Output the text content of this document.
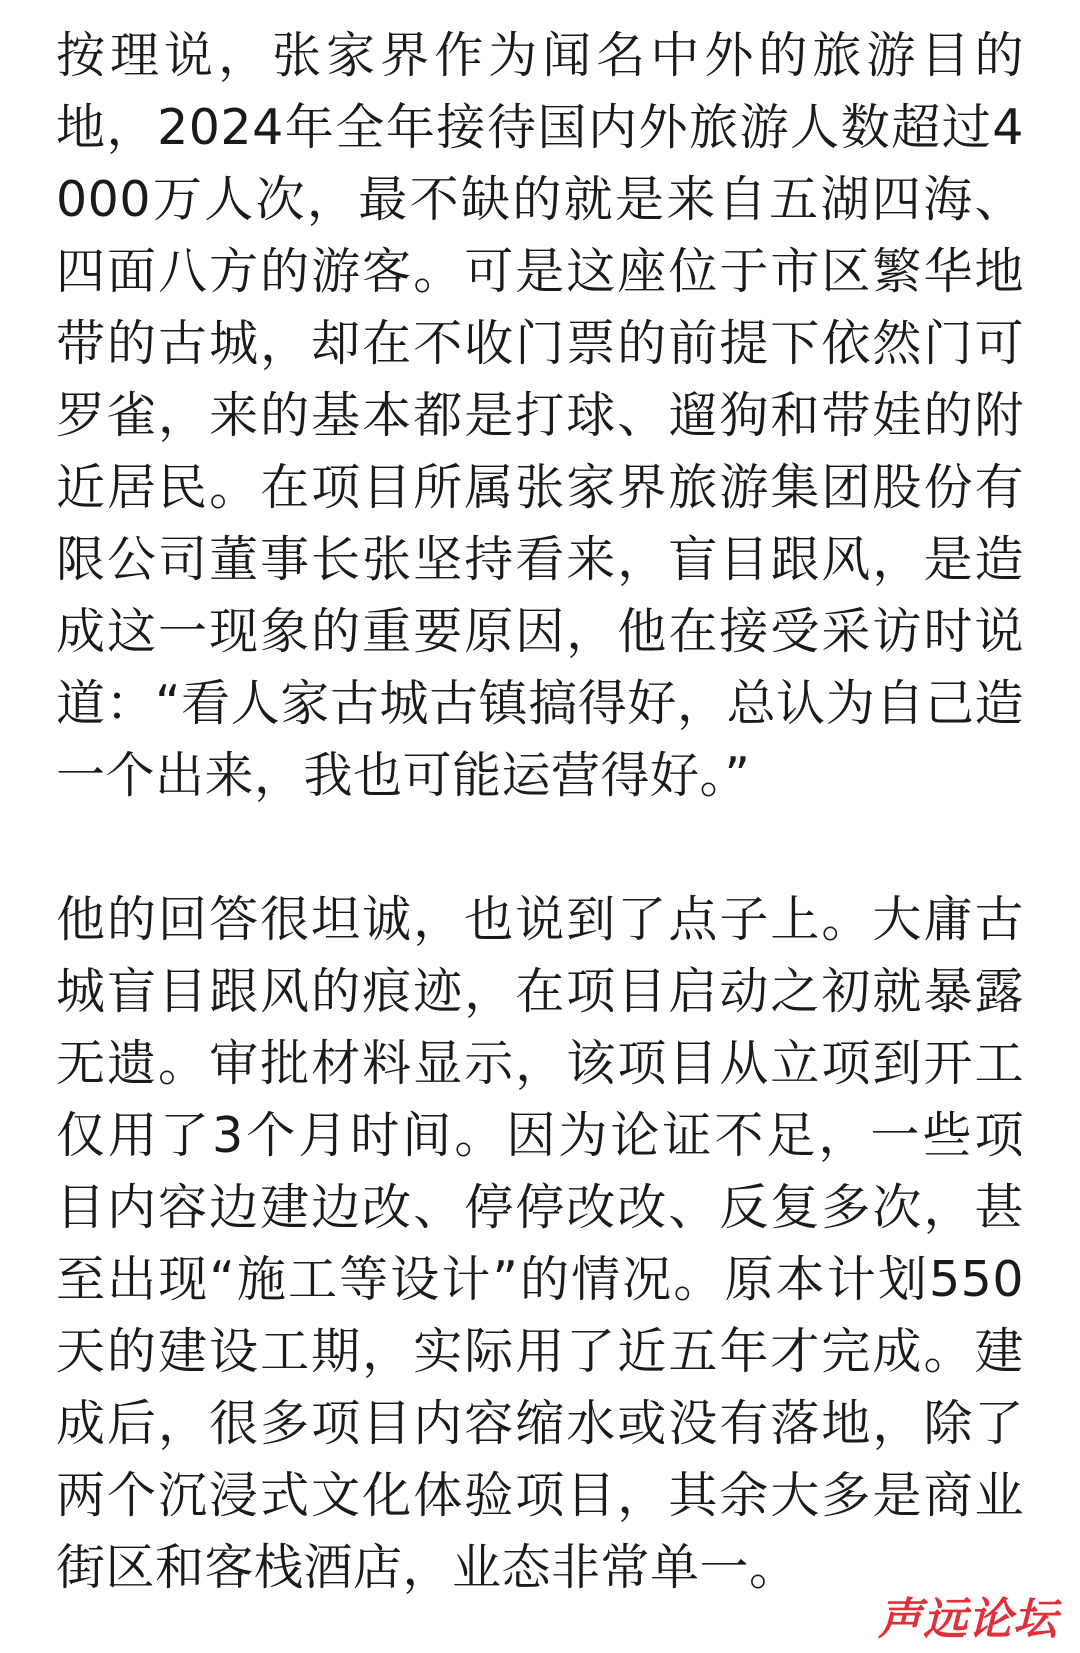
按理说，张家界作为闻名中外的旅游目的地，2024年全年接待国内外旅游人数超过4000万人次，最不缺的就是来自五湖四海、四面八方的游客。可是这座位于市区繁华地带的古城，却在不收门票的前提下依然门可罗雀，来的基本都是打球、遛狗和带娃的附近居民。在项目所属张家界旅游集团股份有限公司董事长张坚持看来，盲目跟风，是造成这一现象的重要原因，他在接受采访时说道：“看人家古城古镇搞得好，总认为自己造一个出来，我也可能运营得好。”

他的回答很坦诚，也说到了点子上。大庸古城盲目跟风的痕迹，在项目启动之初就暴露无遗。审批材料显示，该项目从立项到开工仅用了3个月时间。因为论证不足，一些项目内容边建边改、停停改改、反复多次，甚至出现“施工等设计”的情况。原本计划550天的建设工期，实际用了近五年才完成。建成后，很多项目内容缩水或没有落地，除了两个沉浸式文化体验项目，其余大多是商业街区和客栈酒店，业态非常单一。

声远论坛
